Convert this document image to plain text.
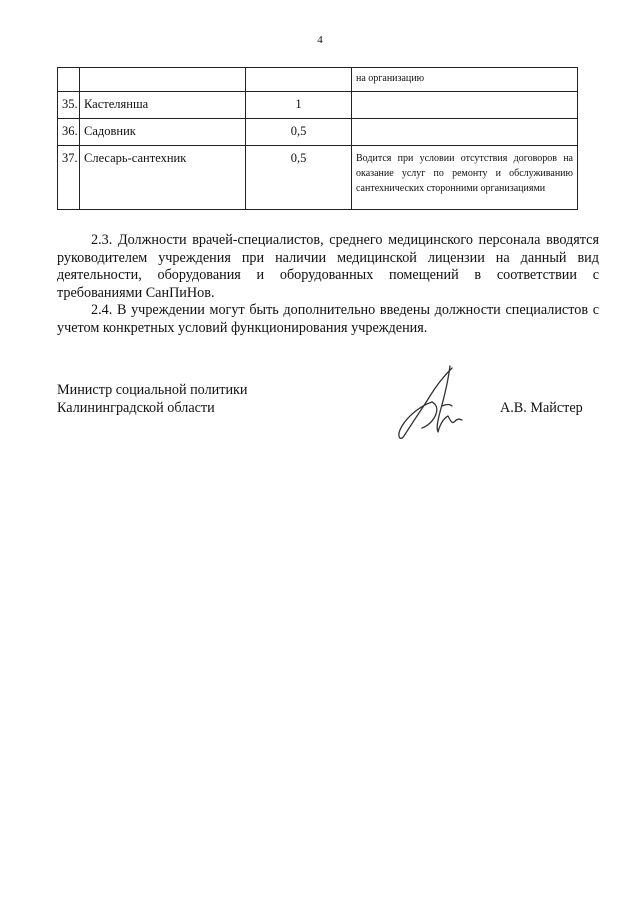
4
			на организацию
35.	Кастелянша	1	
36.	Садовник	0,5	
37.	Слесарь-сантехник	0,5	Водится при условии отсутствия договоров на оказание услуг по ремонту и обслуживанию сантехнических сторонними организациями

2.3. Должности врачей-специалистов, среднего медицинского персонала вводятся руководителем учреждения при наличии медицинской лицензии на данный вид деятельности, оборудования и оборудованных помещений в соответствии с требованиями СанПиНов.

2.4. В учреждении могут быть дополнительно введены должности специалистов с учетом конкретных условий функционирования учреждения.

Министр социальной политики
Калининградской области	А.В. Майстер
